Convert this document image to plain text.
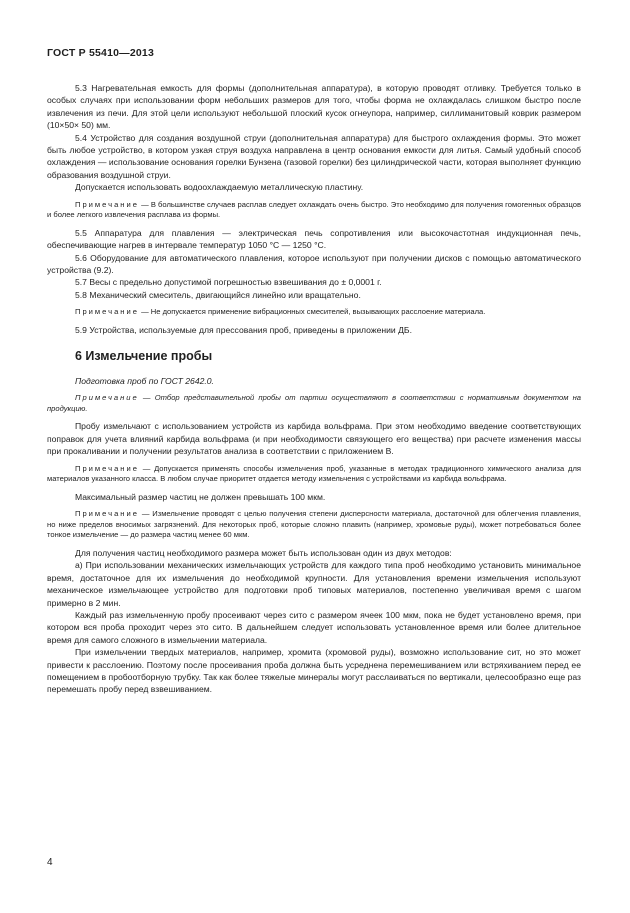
ГОСТ Р 55410—2013

5.3 Нагревательная емкость для формы (дополнительная аппаратура), в которую проводят отливку. Требуется только в особых случаях при использовании форм небольших размеров для того, чтобы форма не охлаждалась слишком быстро после извлечения из печи. Для этой цели используют небольшой плоский кусок огнеупора, например, силлиманитовый коврик размером (10×50× 50) мм.

5.4 Устройство для создания воздушной струи (дополнительная аппаратура) для быстрого охлаждения формы. Это может быть любое устройство, в котором узкая струя воздуха направлена в центр основания емкости для литья. Самый удобный способ охлаждения — использование основания горелки Бунзена (газовой горелки) без цилиндрической части, которая выполняет функцию образования воздушной струи.

Допускается использовать водоохлаждаемую металлическую пластину.

Примечание — В большинстве случаев расплав следует охлаждать очень быстро. Это необходимо для получения гомогенных образцов и более легкого извлечения расплава из формы.

5.5 Аппаратура для плавления — электрическая печь сопротивления или высокочастотная индукционная печь, обеспечивающие нагрев в интервале температур 1050 °С — 1250 °С.

5.6 Оборудование для автоматического плавления, которое используют при получении дисков с помощью автоматического устройства (9.2).

5.7 Весы с предельно допустимой погрешностью взвешивания до ± 0,0001 г.

5.8 Механический смеситель, двигающийся линейно или вращательно.

Примечание — Не допускается применение вибрационных смесителей, вызывающих расслоение материала.

5.9 Устройства, используемые для прессования проб, приведены в приложении ДБ.

6 Измельчение пробы

Подготовка проб по ГОСТ 2642.0.

Примечание — Отбор представительной пробы от партии осуществляют в соответствии с нормативным документом на продукцию.

Пробу измельчают с использованием устройств из карбида вольфрама. При этом необходимо введение соответствующих поправок для учета влияний карбида вольфрама (и при необходимости связующего его вещества) при расчете изменения массы при прокаливании и получении результатов анализа в соответствии с приложением В.

Примечание — Допускается применять способы измельчения проб, указанные в методах традиционного химического анализа для материалов указанного класса. В любом случае приоритет отдается методу измельчения с устройствами из карбида вольфрама.

Максимальный размер частиц не должен превышать 100 мкм.

Примечание — Измельчение проводят с целью получения степени дисперсности материала, достаточной для облегчения плавления, но ниже пределов вносимых загрязнений. Для некоторых проб, которые сложно плавить (например, хромовые руды), может потребоваться более тонкое измельчение — до размера частиц менее 60 мкм.

Для получения частиц необходимого размера может быть использован один из двух методов:

а) При использовании механических измельчающих устройств для каждого типа проб необходимо установить минимальное время, достаточное для их измельчения до необходимой крупности. Для установления времени измельчения используют механическое измельчающее устройство для подготовки проб типовых материалов, постепенно увеличивая время с шагом примерно в 2 мин.

Каждый раз измельченную пробу просеивают через сито с размером ячеек 100 мкм, пока не будет установлено время, при котором вся проба проходит через это сито. В дальнейшем следует использовать установленное время или более длительное время для самого сложного в измельчении материала.

При измельчении твердых материалов, например, хромита (хромовой руды), возможно использование сит, но это может привести к расслоению. Поэтому после просеивания проба должна быть усреднена перемешиванием или встряхиванием перед ее помещением в пробоотборную трубку. Так как более тяжелые минералы могут расслаиваться по вертикали, целесообразно еще раз перемешать пробу перед взвешиванием.

4
